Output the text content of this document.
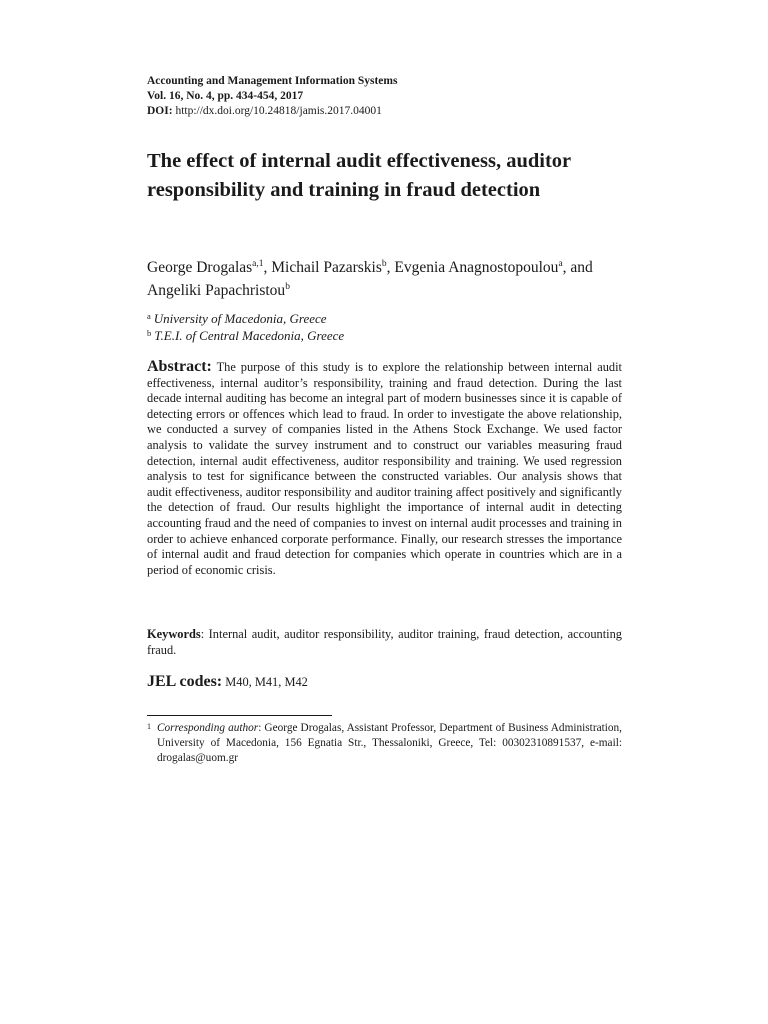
Accounting and Management Information Systems
Vol. 16, No. 4, pp. 434-454, 2017
DOI: http://dx.doi.org/10.24818/jamis.2017.04001
The effect of internal audit effectiveness, auditor responsibility and training in fraud detection
George Drogalas$^{a,1}$, Michail Pazarskis$^b$, Evgenia Anagnostopoulou$^a$, and Angeliki Papachristou$^b$
$^a$ University of Macedonia, Greece
$^b$ T.E.I. of Central Macedonia, Greece

Abstract: The purpose of this study is to explore the relationship between internal audit effectiveness, internal auditor’s responsibility, training and fraud detection. During the last decade internal auditing has become an integral part of modern businesses since it is capable of detecting errors or offences which lead to fraud. In order to investigate the above relationship, we conducted a survey of companies listed in the Athens Stock Exchange. We used factor analysis to validate the survey instrument and to construct our variables measuring fraud detection, internal audit effectiveness, auditor responsibility and training. We used regression analysis to test for significance between the constructed variables. Our analysis shows that audit effectiveness, auditor responsibility and auditor training affect positively and significantly the detection of fraud. Our results highlight the importance of internal audit in detecting accounting fraud and the need of companies to invest on internal audit processes and training in order to achieve enhanced corporate performance. Finally, our research stresses the importance of internal audit and fraud detection for companies which operate in countries which are in a period of economic crisis.

Keywords: Internal audit, auditor responsibility, auditor training, fraud detection, accounting fraud.

JEL codes: M40, M41, M42

1 Corresponding author: George Drogalas, Assistant Professor, Department of Business Administration, University of Macedonia, 156 Egnatia Str., Thessaloniki, Greece, Tel: 00302310891537, e-mail: drogalas@uom.gr
